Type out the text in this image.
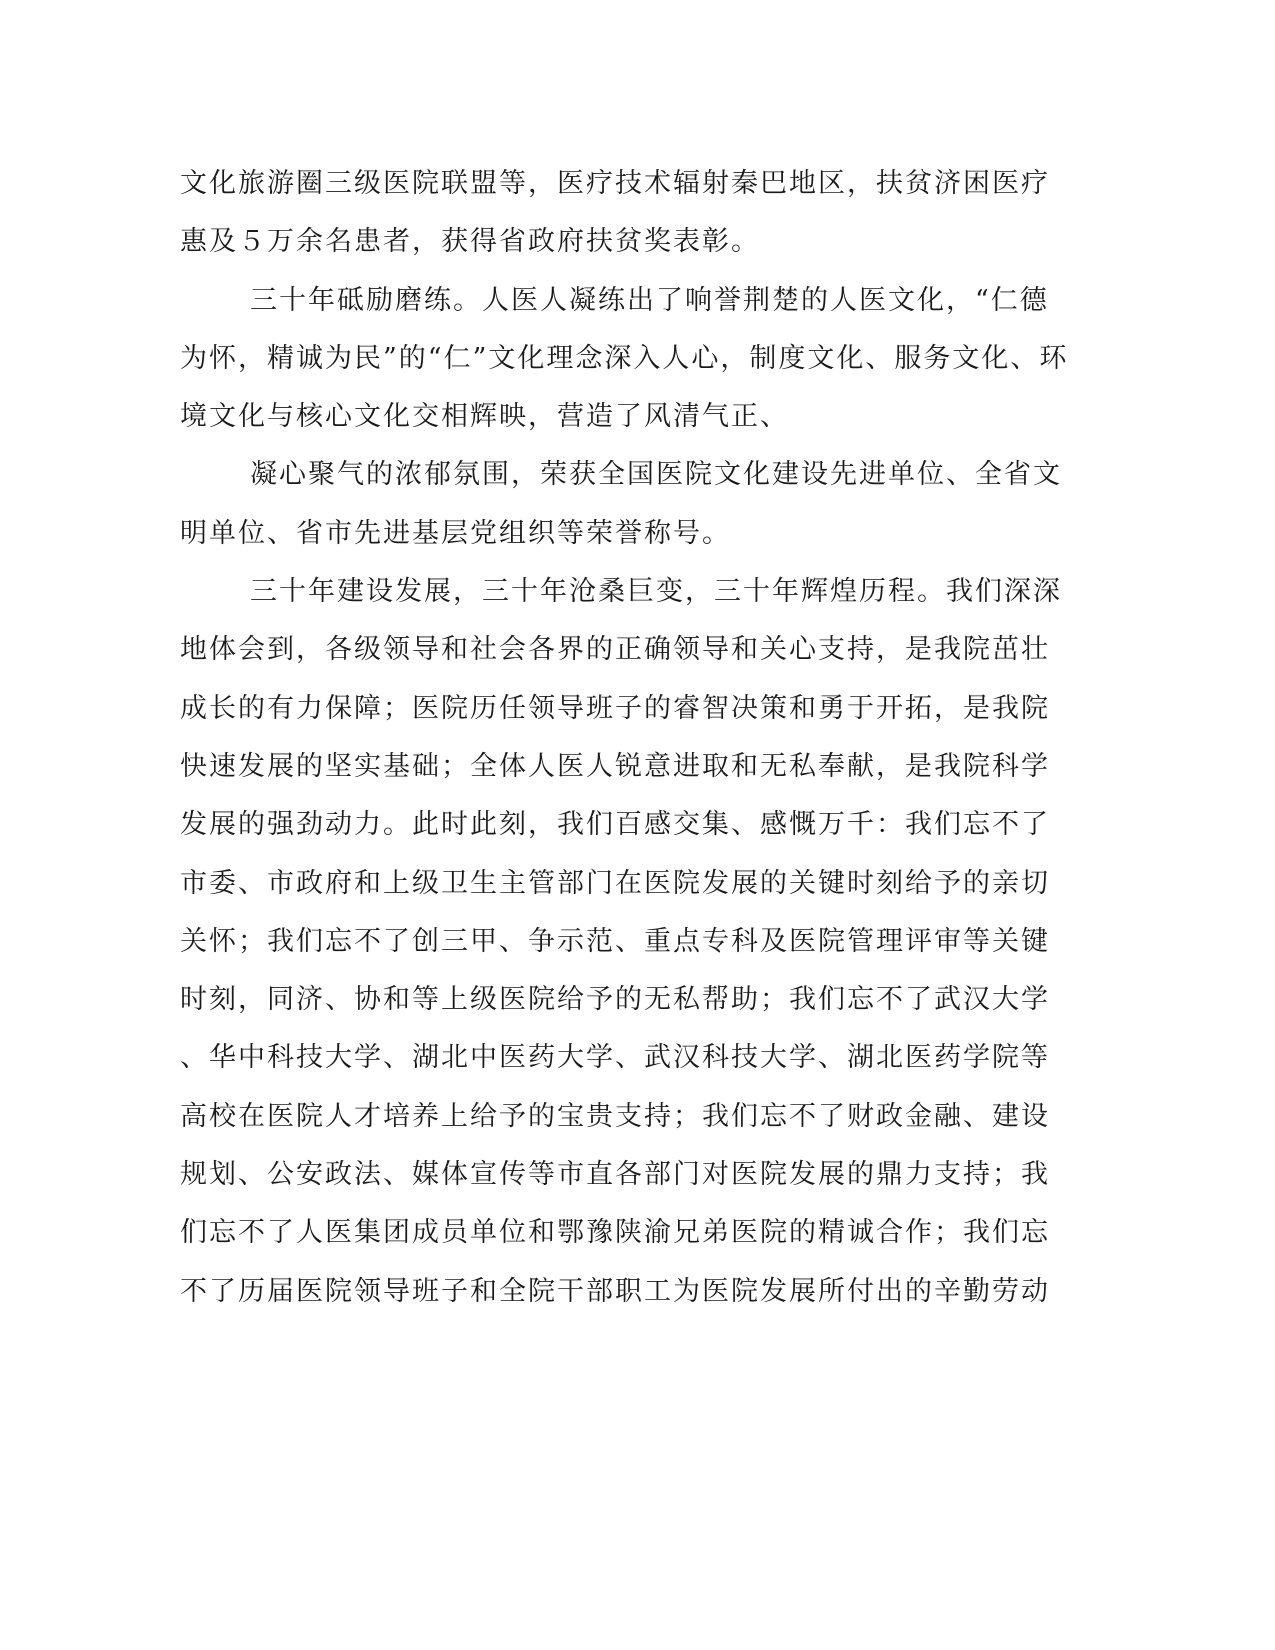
文化旅游圈三级医院联盟等，医疗技术辐射秦巴地区，扶贫济困医疗
惠及５万余名患者，获得省政府扶贫奖表彰。
三十年砥励磨练。人医人凝练出了响誉荆楚的人医文化，“仁德
为怀，精诚为民”的“仁”文化理念深入人心，制度文化、服务文化、环
境文化与核心文化交相辉映，营造了风清气正、
凝心聚气的浓郁氛围，荣获全国医院文化建设先进单位、全省文
明单位、省市先进基层党组织等荣誉称号。
三十年建设发展，三十年沧桑巨变，三十年辉煌历程。我们深深
地体会到，各级领导和社会各界的正确领导和关心支持，是我院茁壮
成长的有力保障；医院历任领导班子的睿智决策和勇于开拓，是我院
快速发展的坚实基础；全体人医人锐意进取和无私奉献，是我院科学
发展的强劲动力。此时此刻，我们百感交集、感慨万千：我们忘不了
市委、市政府和上级卫生主管部门在医院发展的关键时刻给予的亲切
关怀；我们忘不了创三甲、争示范、重点专科及医院管理评审等关键
时刻，同济、协和等上级医院给予的无私帮助；我们忘不了武汉大学
、华中科技大学、湖北中医药大学、武汉科技大学、湖北医药学院等
高校在医院人才培养上给予的宝贵支持；我们忘不了财政金融、建设
规划、公安政法、媒体宣传等市直各部门对医院发展的鼎力支持；我
们忘不了人医集团成员单位和鄂豫陕渝兄弟医院的精诚合作；我们忘
不了历届医院领导班子和全院干部职工为医院发展所付出的辛勤劳动
